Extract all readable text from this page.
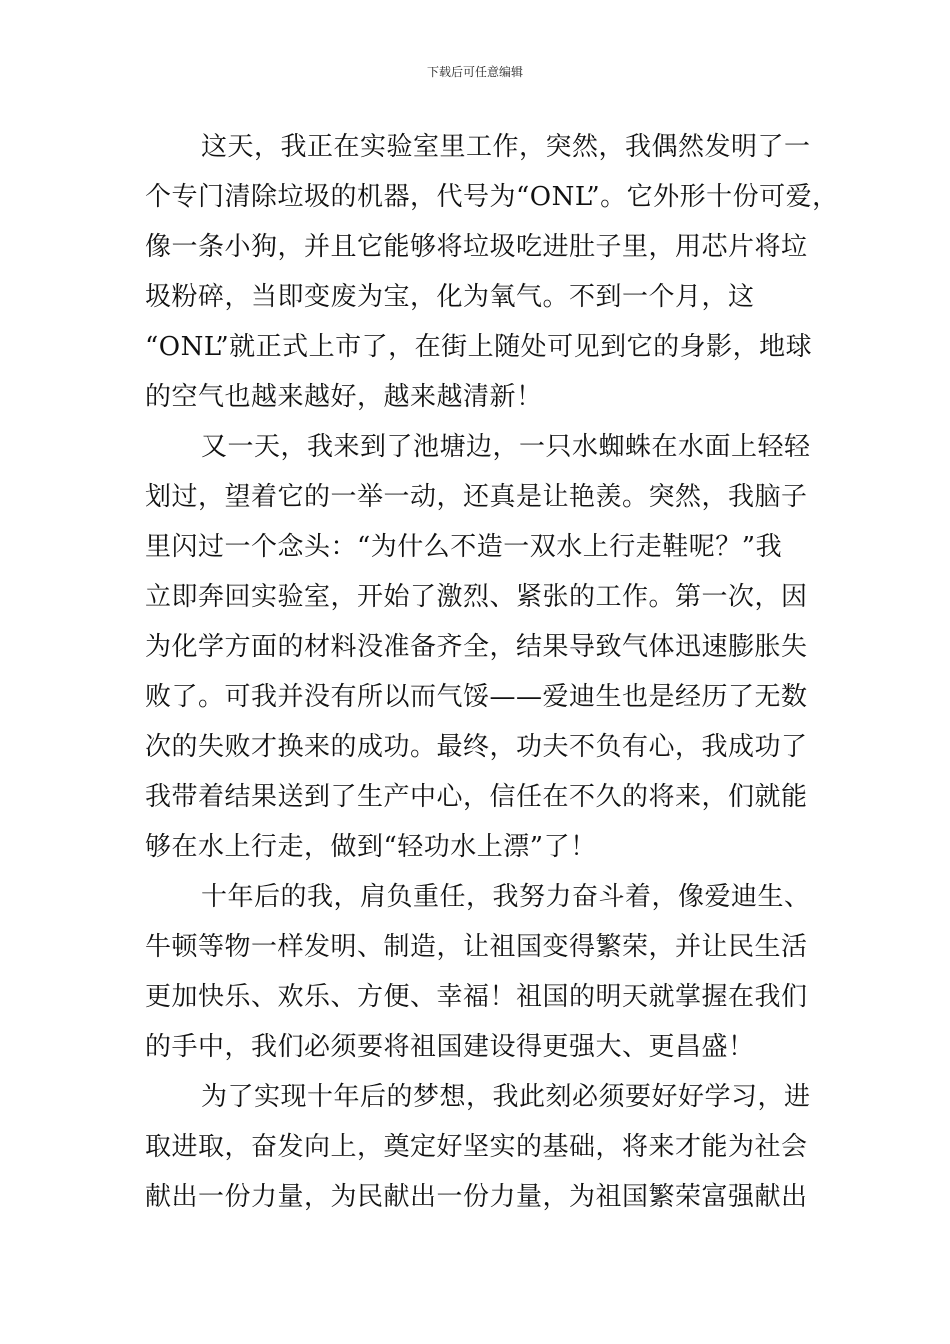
下载后可任意编辑
这天，我正在实验室里工作，突然，我偶然发明了一
个专门清除垃圾的机器，代号为“ONL”。它外形十份可爱，
像一条小狗，并且它能够将垃圾吃进肚子里，用芯片将垃
圾粉碎，当即变废为宝，化为氧气。不到一个月，这
“ONL”就正式上市了，在街上随处可见到它的身影，地球
的空气也越来越好，越来越清新！
又一天，我来到了池塘边，一只水蜘蛛在水面上轻轻
划过，望着它的一举一动，还真是让艳羡。突然，我脑子
里闪过一个念头：“为什么不造一双水上行走鞋呢？”我
立即奔回实验室，开始了激烈、紧张的工作。第一次，因
为化学方面的材料没准备齐全，结果导致气体迅速膨胀失
败了。可我并没有所以而气馁——爱迪生也是经历了无数
次的失败才换来的成功。最终，功夫不负有心，我成功了
我带着结果送到了生产中心，信任在不久的将来，们就能
够在水上行走，做到“轻功水上漂”了！
十年后的我，肩负重任，我努力奋斗着，像爱迪生、
牛顿等物一样发明、制造，让祖国变得繁荣，并让民生活
更加快乐、欢乐、方便、幸福！祖国的明天就掌握在我们
的手中，我们必须要将祖国建设得更强大、更昌盛！
为了实现十年后的梦想，我此刻必须要好好学习，进
取进取，奋发向上，奠定好坚实的基础，将来才能为社会
献出一份力量，为民献出一份力量，为祖国繁荣富强献出
